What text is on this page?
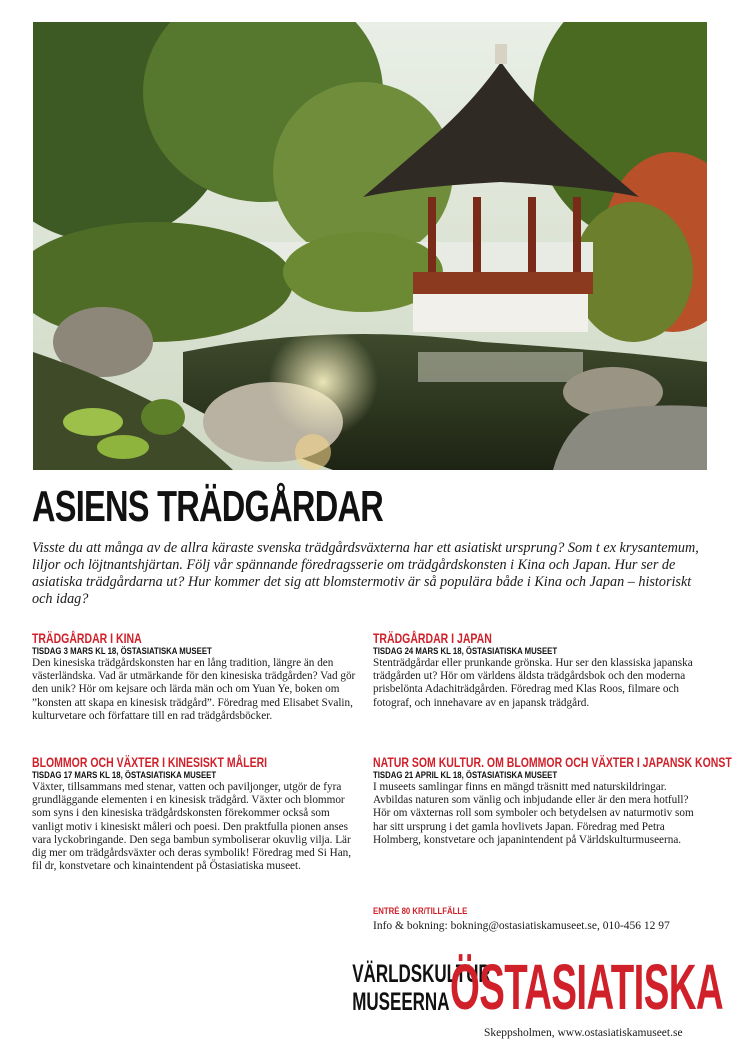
ASIENS TRÄDGÅRDAR

Visste du att många av de allra käraste svenska trädgårdsväxterna har ett asiatiskt ursprung? Som t ex krysantemum, liljor och löjtnantshjärtan. Följ vår spännande föredragsserie om trädgårdskonsten i Kina och Japan. Hur ser de asiatiska trädgårdarna ut? Hur kommer det sig att blomstermotiv är så populära både i Kina och Japan – historiskt och idag?

TRÄDGÅRDAR I KINA

TISDAG 3 MARS KL 18, ÖSTASIATISKA MUSEET

Den kinesiska trädgårdskonsten har en lång tradition, längre än den västerländska. Vad är utmärkande för den kinesiska trädgården? Vad gör den unik? Hör om kejsare och lärda män och om Yuan Ye, boken om ”konsten att skapa en kinesisk trädgård”. Föredrag med Elisabet Svalin, kulturvetare och författare till en rad trädgårdsböcker.

TRÄDGÅRDAR I JAPAN

TISDAG 24 MARS KL 18, ÖSTASIATISKA MUSEET

Stenträdgårdar eller prunkande grönska. Hur ser den klassiska japanska trädgården ut? Hör om världens äldsta trädgårdsbok och den moderna prisbelönta Adachiträdgården. Föredrag med Klas Roos, filmare och fotograf, och innehavare av en japansk trädgård.

BLOMMOR OCH VÄXTER I KINESISKT MÅLERI

TISDAG 17 MARS KL 18, ÖSTASIATISKA MUSEET

Växter, tillsammans med stenar, vatten och paviljonger, utgör de fyra grundläggande elementen i en kinesisk trädgård. Växter och blommor som syns i den kinesiska trädgårdskonsten förekommer också som vanligt motiv i kinesiskt måleri och poesi. Den praktfulla pionen anses vara lyckobringande. Den sega bambun symboliserar okuvlig vilja. Lär dig mer om trädgårdsväxter och deras symbolik! Föredrag med Si Han, fil dr, konstvetare och kinaintendent på Östasiatiska museet.

NATUR SOM KULTUR. OM BLOMMOR OCH VÄXTER I JAPANSK KONST

TISDAG 21 APRIL KL 18, ÖSTASIATISKA MUSEET

I museets samlingar finns en mängd träsnitt med naturskildringar. Avbildas naturen som vänlig och inbjudande eller är den mera hotfull? Hör om växternas roll som symboler och betydelsen av naturmotiv som har sitt ursprung i det gamla hovlivets Japan. Föredrag med Petra Holmberg, konstvetare och japanintendent på Världskulturmuseerna.

ENTRÉ 80 KR/TILLFÄLLE
Info & bokning: bokning@ostasiatiskamuseet.se, 010-456 12 97
VÄRLDSKULTUR
MUSEERNA ÖSTASIATISKA
Skeppsholmen, www.ostasiatiskamuseet.se
